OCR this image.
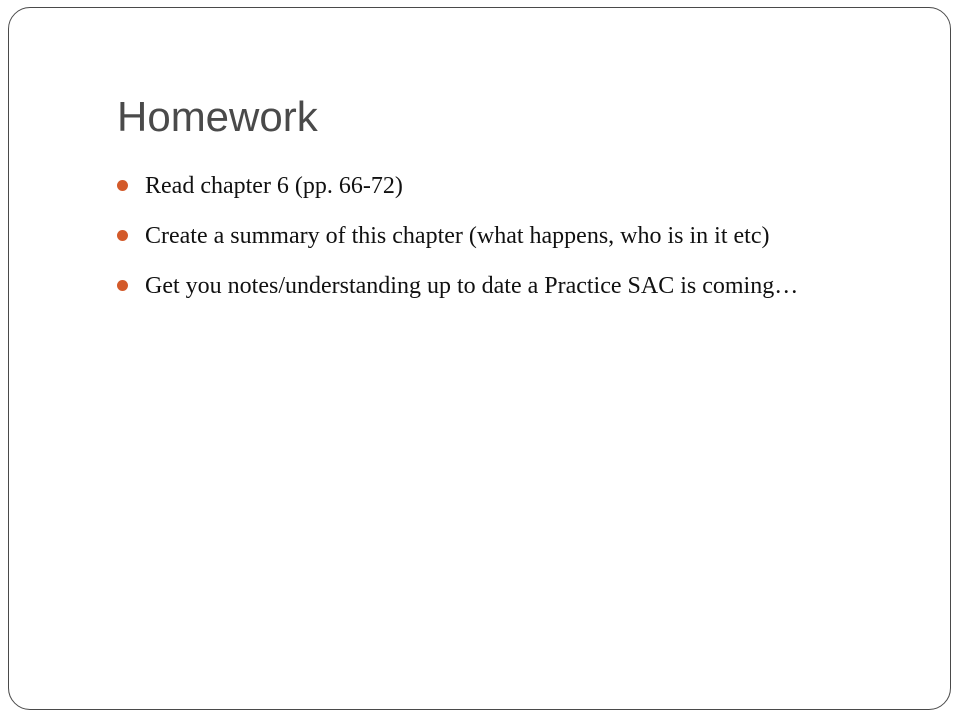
Homework
Read chapter 6 (pp. 66-72)
Create a summary of this chapter (what happens, who is in it etc)
Get you notes/understanding up to date a Practice SAC is coming…
